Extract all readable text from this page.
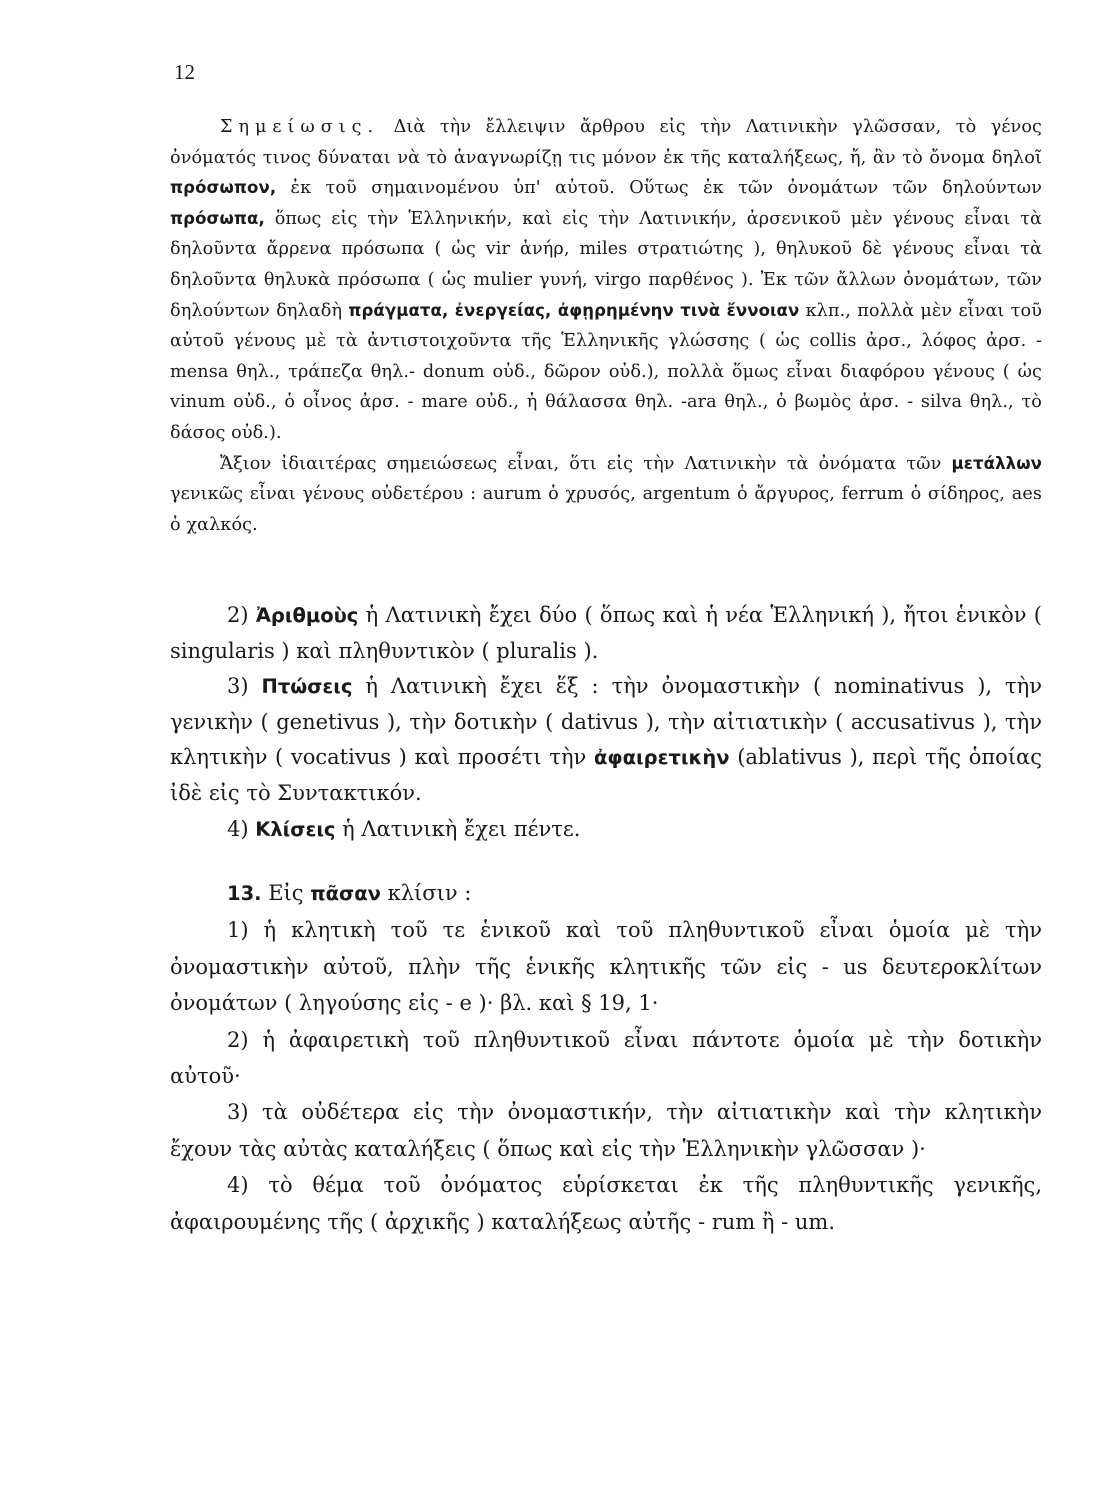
12

Σημείωσις. Διὰ τὴν ἔλλειψιν ἄρθρου εἰς τὴν Λατινικὴν γλῶσσαν, τὸ γένος ὀνόματός τινος δύναται νὰ τὸ ἀναγνωρίζῃ τις μόνον ἐκ τῆς καταλήξεως, ἤ, ἂν τὸ ὄνομα δηλοῖ πρόσωπον, ἐκ τοῦ σημαινομένου ὑπ' αὐτοῦ. Οὕτως ἐκ τῶν ὀνομάτων τῶν δηλούντων πρόσωπα, ὅπως εἰς τὴν Ἑλληνικήν, καὶ εἰς τὴν Λατινικήν, ἀρσενικοῦ μὲν γένους εἶναι τὰ δηλοῦντα ἄρρενα πρόσωπα ( ὡς vir ἀνήρ, miles στρατιώτης ), θηλυκοῦ δὲ γένους εἶναι τὰ δηλοῦντα θηλυκὰ πρόσωπα ( ὡς mulier γυνή, virgo παρθένος ). Ἐκ τῶν ἄλλων ὀνομάτων, τῶν δηλούντων δηλαδὴ πράγματα, ἐνεργείας, ἀφῃρημένην τινὰ ἔννοιαν κλπ., πολλὰ μὲν εἶναι τοῦ αὐτοῦ γένους μὲ τὰ ἀντιστοιχοῦντα τῆς Ἑλληνικῆς γλώσσης ( ὡς collis ἀρσ., λόφος ἀρσ. - mensa θηλ., τράπεζα θηλ.- donum οὐδ., δῶρον οὐδ.), πολλὰ ὅμως εἶναι διαφόρου γένους ( ὡς vinum οὐδ., ὁ οἶνος ἀρσ. - mare οὐδ., ἡ θάλασσα θηλ. -ara θηλ., ὁ βωμὸς ἀρσ. - silva θηλ., τὸ δάσος οὐδ.).

Ἄξιον ἰδιαιτέρας σημειώσεως εἶναι, ὅτι εἰς τὴν Λατινικὴν τὰ ὀνόματα τῶν μετάλλων γενικῶς εἶναι γένους οὐδετέρου : aurum ὁ χρυσός, argentum ὁ ἄργυρος, ferrum ὁ σίδηρος, aes ὁ χαλκός.

2) Ἀριθμοὺς ἡ Λατινικὴ ἔχει δύο ( ὅπως καὶ ἡ νέα Ἑλληνική ), ἤτοι ἑνικὸν ( singularis ) καὶ πληθυντικὸν ( pluralis ).

3) Πτώσεις ἡ Λατινικὴ ἔχει ἕξ : τὴν ὀνομαστικὴν ( nominativus ), τὴν γενικὴν ( genetivus ), τὴν δοτικὴν ( dativus ), τὴν αἰτιατικὴν ( accusativus ), τὴν κλητικὴν ( vocativus ) καὶ προσέτι τὴν ἀφαιρετικὴν (ablativus ), περὶ τῆς ὁποίας ἰδὲ εἰς τὸ Συντακτικόν.

4) Κλίσεις ἡ Λατινικὴ ἔχει πέντε.

13. Εἰς πᾶσαν κλίσιν :

1) ἡ κλητικὴ τοῦ τε ἑνικοῦ καὶ τοῦ πληθυντικοῦ εἶναι ὁμοία μὲ τὴν ὀνομαστικὴν αὐτοῦ, πλὴν τῆς ἑνικῆς κλητικῆς τῶν εἰς - us δευτεροκλίτων ὀνομάτων ( ληγούσης εἰς - e )· βλ. καὶ § 19, 1·

2) ἡ ἀφαιρετικὴ τοῦ πληθυντικοῦ εἶναι πάντοτε ὁμοία μὲ τὴν δοτικὴν αὐτοῦ·

3) τὰ οὐδέτερα εἰς τὴν ὀνομαστικήν, τὴν αἰτιατικὴν καὶ τὴν κλητικὴν ἔχουν τὰς αὐτὰς καταλήξεις ( ὅπως καὶ εἰς τὴν Ἑλληνικὴν γλῶσσαν )·

4) τὸ θέμα τοῦ ὀνόματος εὑρίσκεται ἐκ τῆς πληθυντικῆς γενικῆς, ἀφαιρουμένης τῆς ( ἀρχικῆς ) καταλήξεως αὐτῆς - rum ἢ - um.
